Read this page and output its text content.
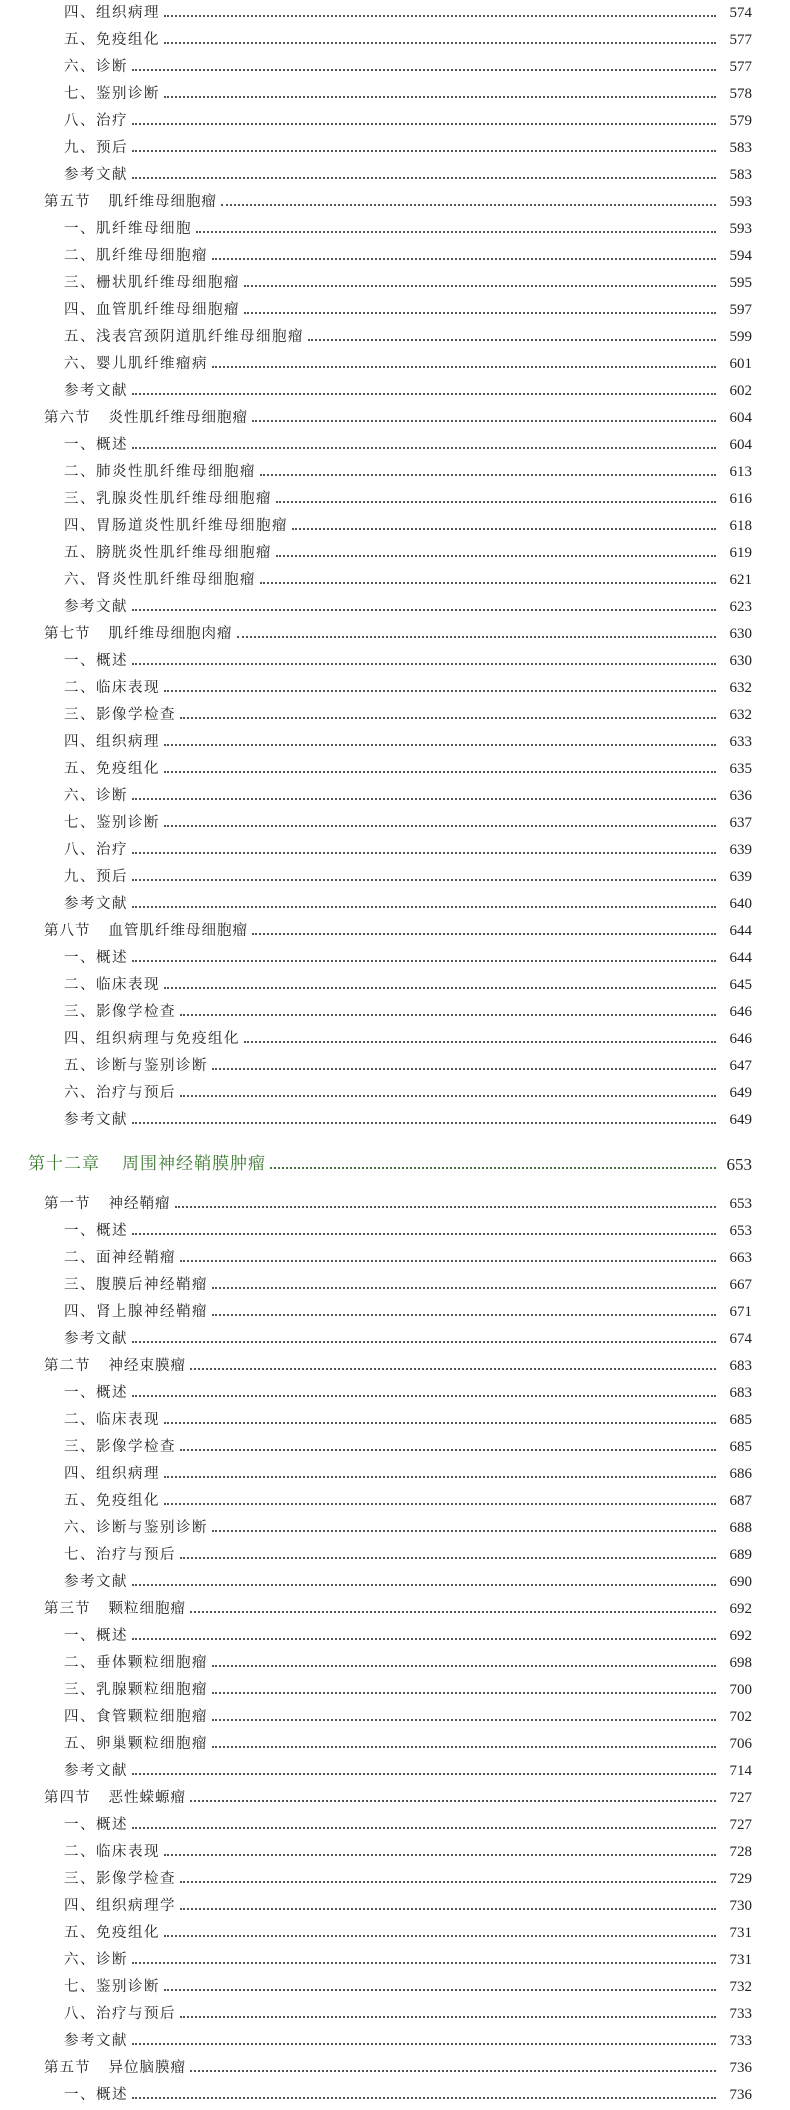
四、组织病理	574
五、免疫组化	577
六、诊断	577
七、鉴别诊断	578
八、治疗	579
九、预后	583
参考文献	583
第五节 肌纤维母细胞瘤	593
一、肌纤维母细胞	593
二、肌纤维母细胞瘤	594
三、栅状肌纤维母细胞瘤	595
四、血管肌纤维母细胞瘤	597
五、浅表宫颈阴道肌纤维母细胞瘤	599
六、婴儿肌纤维瘤病	601
参考文献	602
第六节 炎性肌纤维母细胞瘤	604
一、概述	604
二、肺炎性肌纤维母细胞瘤	613
三、乳腺炎性肌纤维母细胞瘤	616
四、胃肠道炎性肌纤维母细胞瘤	618
五、膀胱炎性肌纤维母细胞瘤	619
六、肾炎性肌纤维母细胞瘤	621
参考文献	623
第七节 肌纤维母细胞肉瘤	630
一、概述	630
二、临床表现	632
三、影像学检查	632
四、组织病理	633
五、免疫组化	635
六、诊断	636
七、鉴别诊断	637
八、治疗	639
九、预后	639
参考文献	640
第八节 血管肌纤维母细胞瘤	644
一、概述	644
二、临床表现	645
三、影像学检查	646
四、组织病理与免疫组化	646
五、诊断与鉴别诊断	647
六、治疗与预后	649
参考文献	649
第十二章 周围神经鞘膜肿瘤	653
第一节 神经鞘瘤	653
一、概述	653
二、面神经鞘瘤	663
三、腹膜后神经鞘瘤	667
四、肾上腺神经鞘瘤	671
参考文献	674
第二节 神经束膜瘤	683
一、概述	683
二、临床表现	685
三、影像学检查	685
四、组织病理	686
五、免疫组化	687
六、诊断与鉴别诊断	688
七、治疗与预后	689
参考文献	690
第三节 颗粒细胞瘤	692
一、概述	692
二、垂体颗粒细胞瘤	698
三、乳腺颗粒细胞瘤	700
四、食管颗粒细胞瘤	702
五、卵巢颗粒细胞瘤	706
参考文献	714
第四节 恶性蝾螈瘤	727
一、概述	727
二、临床表现	728
三、影像学检查	729
四、组织病理学	730
五、免疫组化	731
六、诊断	731
七、鉴别诊断	732
八、治疗与预后	733
参考文献	733
第五节 异位脑膜瘤	736
一、概述	736
